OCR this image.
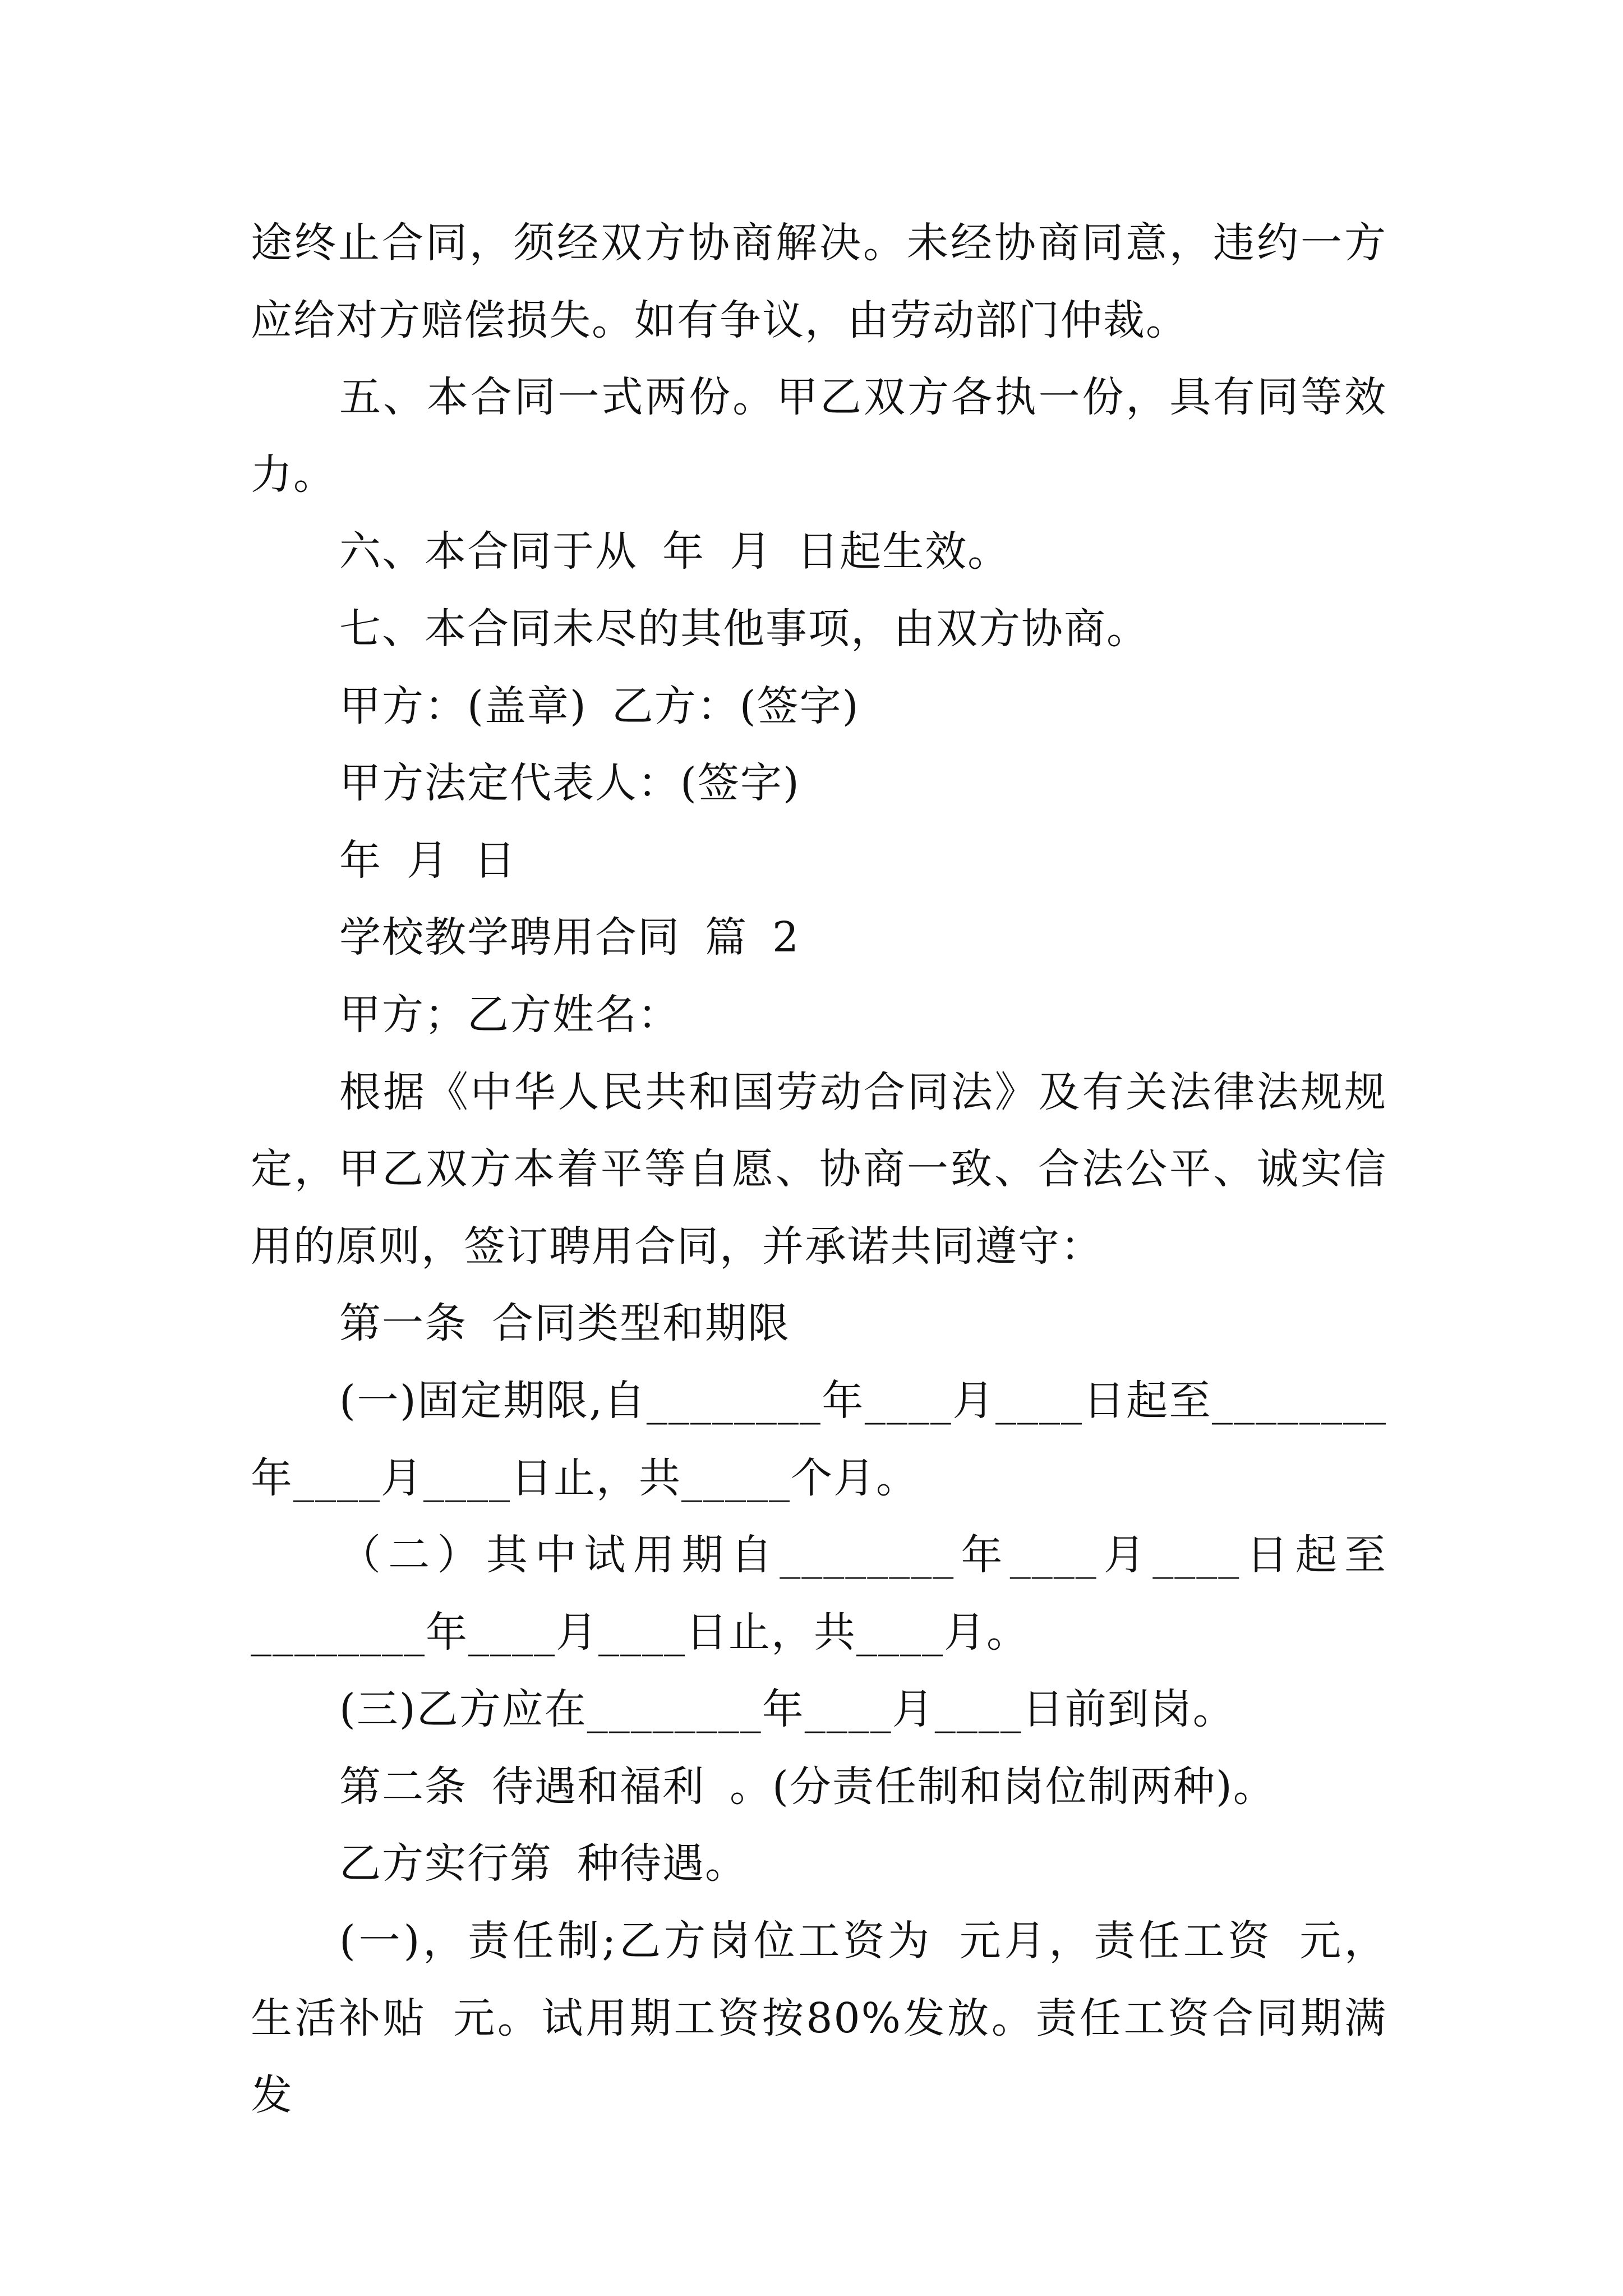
途终止合同，须经双方协商解决。未经协商同意，违约一方
应给对方赔偿损失。如有争议，由劳动部门仲裁。
五、本合同一式两份。甲乙双方各执一份，具有同等效
力。
六、本合同于从 年 月 日起生效。
七、本合同未尽的其他事项，由双方协商。
甲方：(盖章) 乙方：(签字)
甲方法定代表人：(签字)
年 月 日
学校教学聘用合同 篇 2
甲方；乙方姓名：
根据《中华人民共和国劳动合同法》及有关法律法规规
定，甲乙双方本着平等自愿、协商一致、合法公平、诚实信
用的原则，签订聘用合同，并承诺共同遵守：
第一条 合同类型和期限
(一)固定期限,自________年____月____日起至________
年____月____日止，共_____个月。
（二）其中试用期自________年____月____日起至
________年____月____日止，共____月。
(三)乙方应在________年____月____日前到岗。
第二条 待遇和福利 。(分责任制和岗位制两种)。
乙方实行第 种待遇。
(一)，责任制;乙方岗位工资为 元月，责任工资 元，
生活补贴 元。试用期工资按80%发放。责任工资合同期满发
